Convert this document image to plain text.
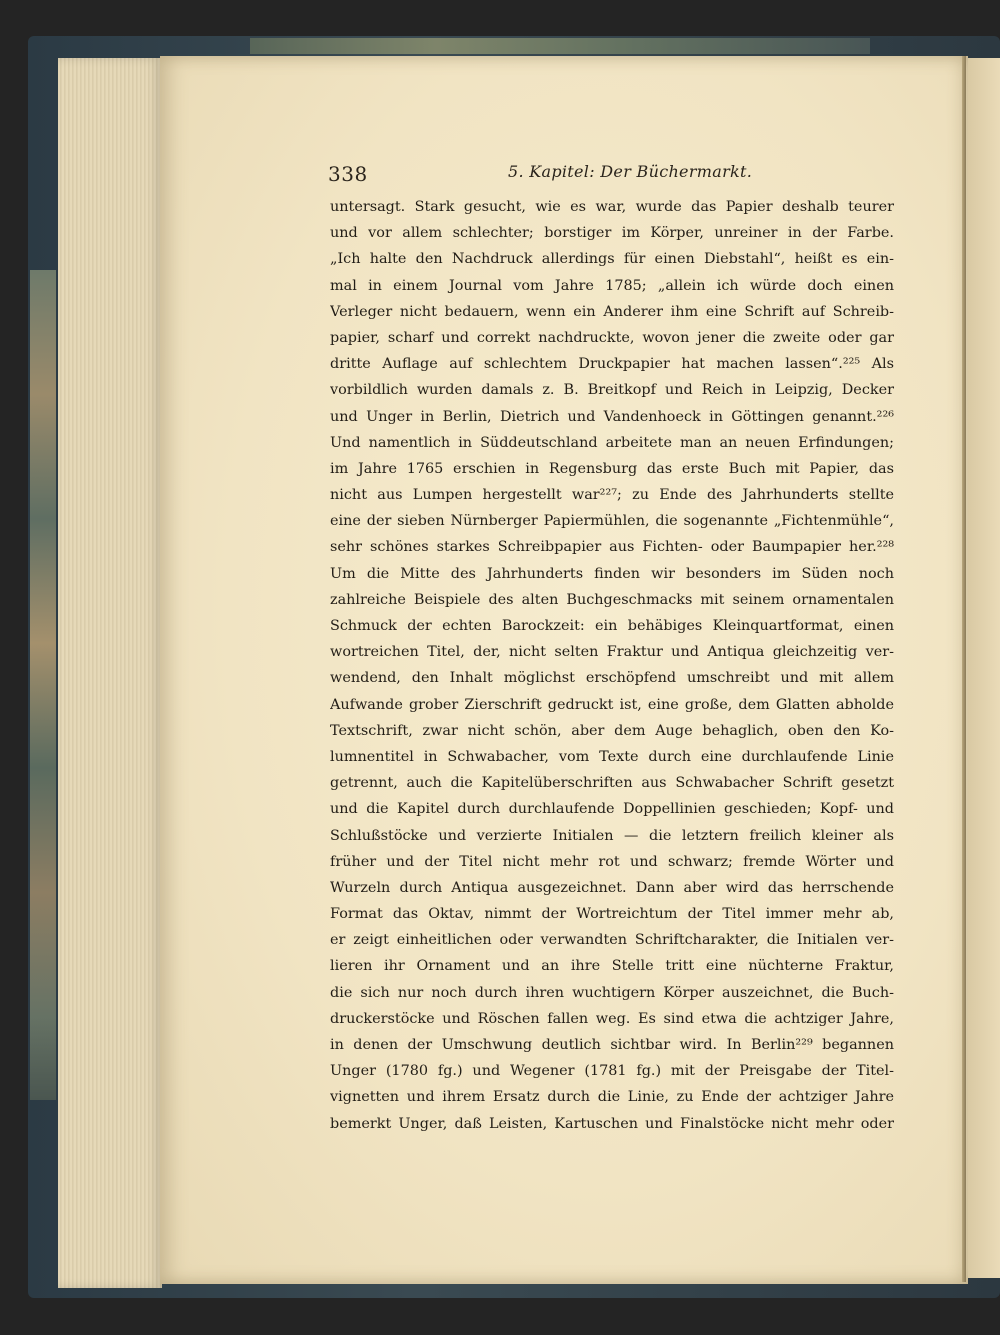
338	5. Kapitel: Der Büchermarkt.
untersagt. Stark gesucht, wie es war, wurde das Papier deshalb teurer
und vor allem schlechter; borstiger im Körper, unreiner in der Farbe.
„Ich halte den Nachdruck allerdings für einen Diebstahl“, heißt es ein-
mal in einem Journal vom Jahre 1785; „allein ich würde doch einen
Verleger nicht bedauern, wenn ein Anderer ihm eine Schrift auf Schreib-
papier, scharf und correkt nachdruckte, wovon jener die zweite oder gar
dritte Auflage auf schlechtem Druckpapier hat machen lassen“.²²⁵ Als
vorbildlich wurden damals z. B. Breitkopf und Reich in Leipzig, Decker
und Unger in Berlin, Dietrich und Vandenhoeck in Göttingen genannt.²²⁶
Und namentlich in Süddeutschland arbeitete man an neuen Erfindungen;
im Jahre 1765 erschien in Regensburg das erste Buch mit Papier, das
nicht aus Lumpen hergestellt war²²⁷; zu Ende des Jahrhunderts stellte
eine der sieben Nürnberger Papiermühlen, die sogenannte „Fichtenmühle“,
sehr schönes starkes Schreibpapier aus Fichten- oder Baumpapier her.²²⁸
Um die Mitte des Jahrhunderts finden wir besonders im Süden noch
zahlreiche Beispiele des alten Buchgeschmacks mit seinem ornamentalen
Schmuck der echten Barockzeit: ein behäbiges Kleinquartformat, einen
wortreichen Titel, der, nicht selten Fraktur und Antiqua gleichzeitig ver-
wendend, den Inhalt möglichst erschöpfend umschreibt und mit allem
Aufwande grober Zierschrift gedruckt ist, eine große, dem Glatten abholde
Textschrift, zwar nicht schön, aber dem Auge behaglich, oben den Ko-
lumnentitel in Schwabacher, vom Texte durch eine durchlaufende Linie
getrennt, auch die Kapitelüberschriften aus Schwabacher Schrift gesetzt
und die Kapitel durch durchlaufende Doppellinien geschieden; Kopf- und
Schlußstöcke und verzierte Initialen — die letztern freilich kleiner als
früher und der Titel nicht mehr rot und schwarz; fremde Wörter und
Wurzeln durch Antiqua ausgezeichnet. Dann aber wird das herrschende
Format das Oktav, nimmt der Wortreichtum der Titel immer mehr ab,
er zeigt einheitlichen oder verwandten Schriftcharakter, die Initialen ver-
lieren ihr Ornament und an ihre Stelle tritt eine nüchterne Fraktur,
die sich nur noch durch ihren wuchtigern Körper auszeichnet, die Buch-
druckerstöcke und Röschen fallen weg. Es sind etwa die achtziger Jahre,
in denen der Umschwung deutlich sichtbar wird. In Berlin²²⁹ begannen
Unger (1780 fg.) und Wegener (1781 fg.) mit der Preisgabe der Titel-
vignetten und ihrem Ersatz durch die Linie, zu Ende der achtziger Jahre
bemerkt Unger, daß Leisten, Kartuschen und Finalstöcke nicht mehr oder
